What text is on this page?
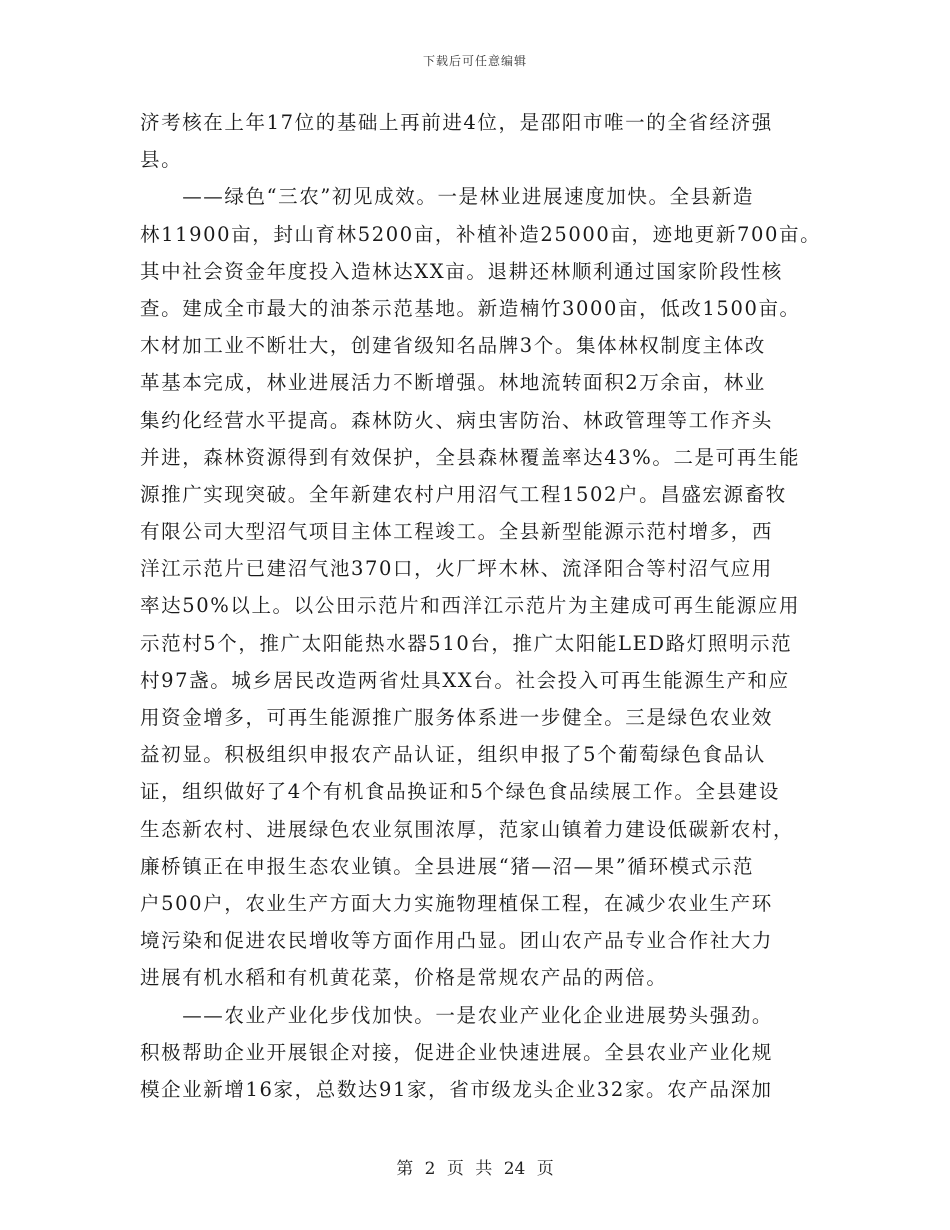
下载后可任意编辑
济考核在上年17位的基础上再前进4位，是邵阳市唯一的全省经济强
县。
　　——绿色“三农”初见成效。一是林业进展速度加快。全县新造
林11900亩，封山育林5200亩，补植补造25000亩，迹地更新700亩。
其中社会资金年度投入造林达XX亩。退耕还林顺利通过国家阶段性核
查。建成全市最大的油茶示范基地。新造楠竹3000亩，低改1500亩。
木材加工业不断壮大，创建省级知名品牌3个。集体林权制度主体改
革基本完成，林业进展活力不断增强。林地流转面积2万余亩，林业
集约化经营水平提高。森林防火、病虫害防治、林政管理等工作齐头
并进，森林资源得到有效保护，全县森林覆盖率达43%。二是可再生能
源推广实现突破。全年新建农村户用沼气工程1502户。昌盛宏源畜牧
有限公司大型沼气项目主体工程竣工。全县新型能源示范村增多，西
洋江示范片已建沼气池370口，火厂坪木林、流泽阳合等村沼气应用
率达50%以上。以公田示范片和西洋江示范片为主建成可再生能源应用
示范村5个，推广太阳能热水器510台，推广太阳能LED路灯照明示范
村97盏。城乡居民改造两省灶具XX台。社会投入可再生能源生产和应
用资金增多，可再生能源推广服务体系进一步健全。三是绿色农业效
益初显。积极组织申报农产品认证，组织申报了5个葡萄绿色食品认
证，组织做好了4个有机食品换证和5个绿色食品续展工作。全县建设
生态新农村、进展绿色农业氛围浓厚，范家山镇着力建设低碳新农村，
廉桥镇正在申报生态农业镇。全县进展“猪—沼—果”循环模式示范
户500户，农业生产方面大力实施物理植保工程，在减少农业生产环
境污染和促进农民增收等方面作用凸显。团山农产品专业合作社大力
进展有机水稻和有机黄花菜，价格是常规农产品的两倍。
　　——农业产业化步伐加快。一是农业产业化企业进展势头强劲。
积极帮助企业开展银企对接，促进企业快速进展。全县农业产业化规
模企业新增16家，总数达91家，省市级龙头企业32家。农产品深加
第 2 页 共 24 页
